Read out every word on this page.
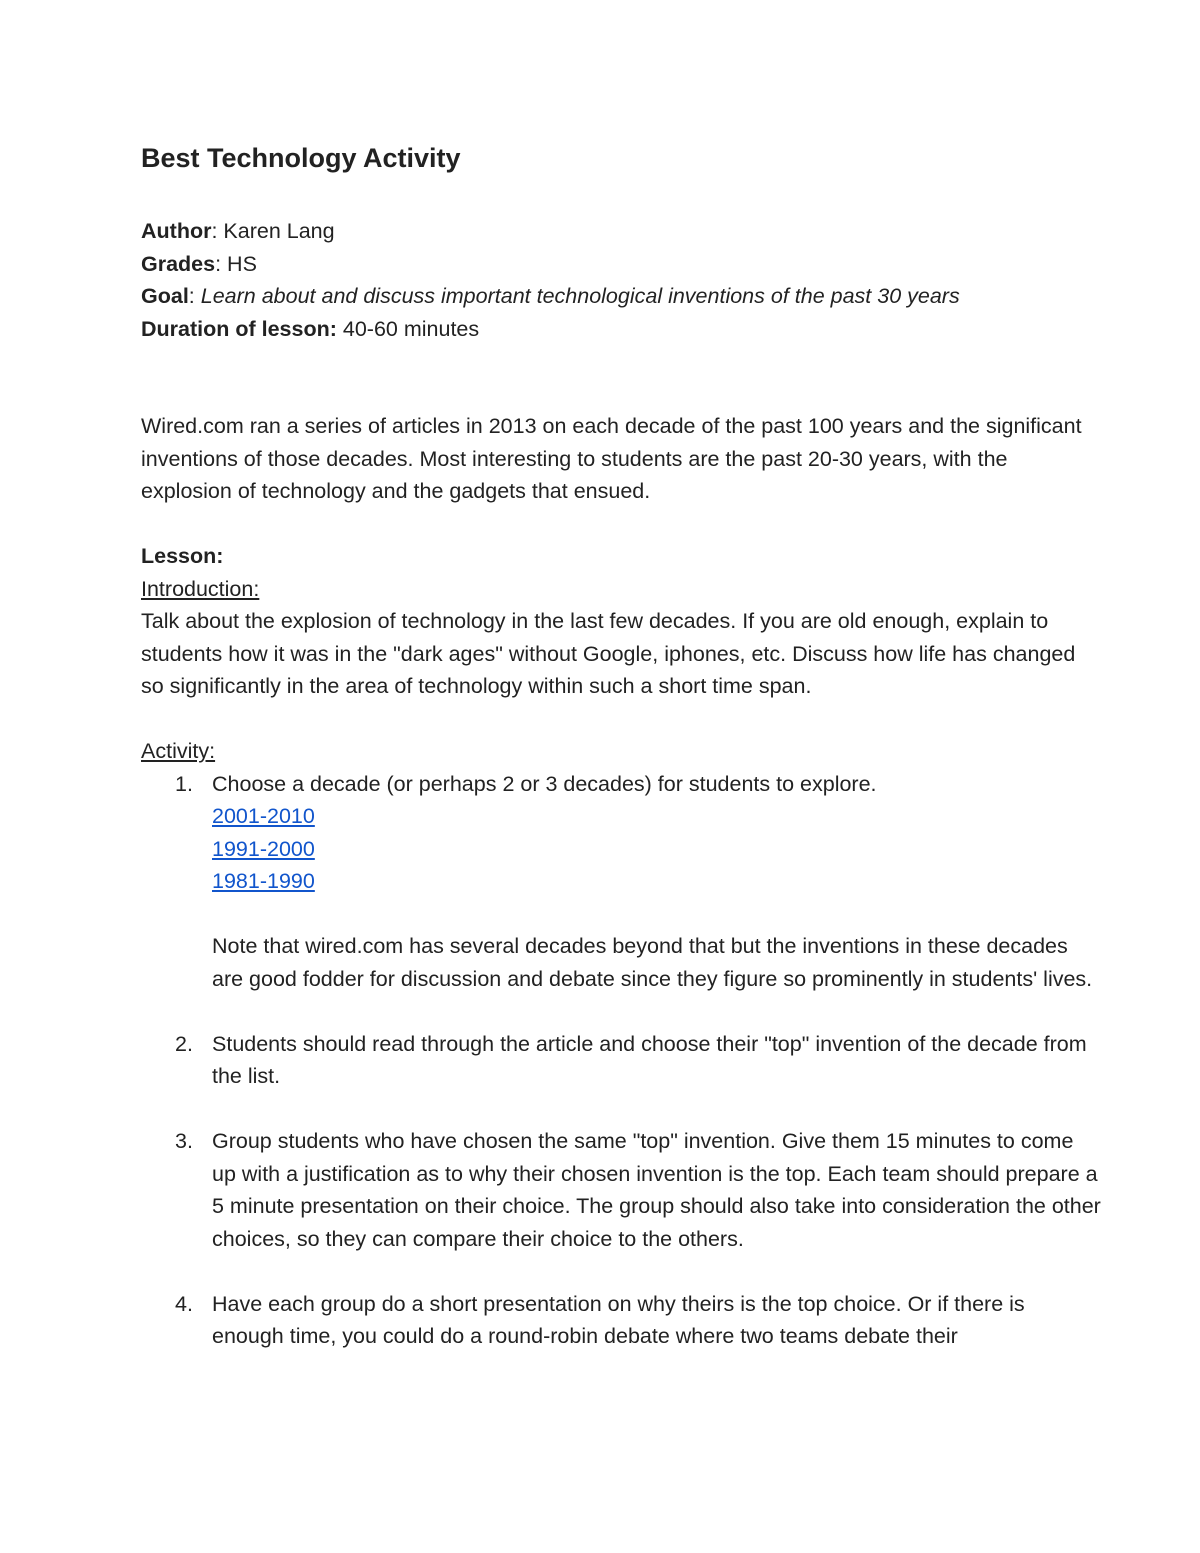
Best Technology Activity

Author: Karen Lang

Grades: HS

Goal: Learn about and discuss important technological inventions of the past 30 years

Duration of lesson: 40-60 minutes

Wired.com ran a series of articles in 2013 on each decade of the past 100 years and the significant inventions of those decades. Most interesting to students are the past 20-30 years, with the explosion of technology and the gadgets that ensued.

Lesson:

Introduction:

Talk about the explosion of technology in the last few decades. If you are old enough, explain to students how it was in the "dark ages" without Google, iphones, etc. Discuss how life has changed so significantly in the area of technology within such a short time span.

Activity:

1. Choose a decade (or perhaps 2 or 3 decades) for students to explore.
2001-2010
1991-2000
1981-1990
Note that wired.com has several decades beyond that but the inventions in these decades are good fodder for discussion and debate since they figure so prominently in students' lives.
2. Students should read through the article and choose their "top" invention of the decade from the list.
3. Group students who have chosen the same "top" invention. Give them 15 minutes to come up with a justification as to why their chosen invention is the top. Each team should prepare a 5 minute presentation on their choice. The group should also take into consideration the other choices, so they can compare their choice to the others.
4. Have each group do a short presentation on why theirs is the top choice. Or if there is enough time, you could do a round-robin debate where two teams debate their
